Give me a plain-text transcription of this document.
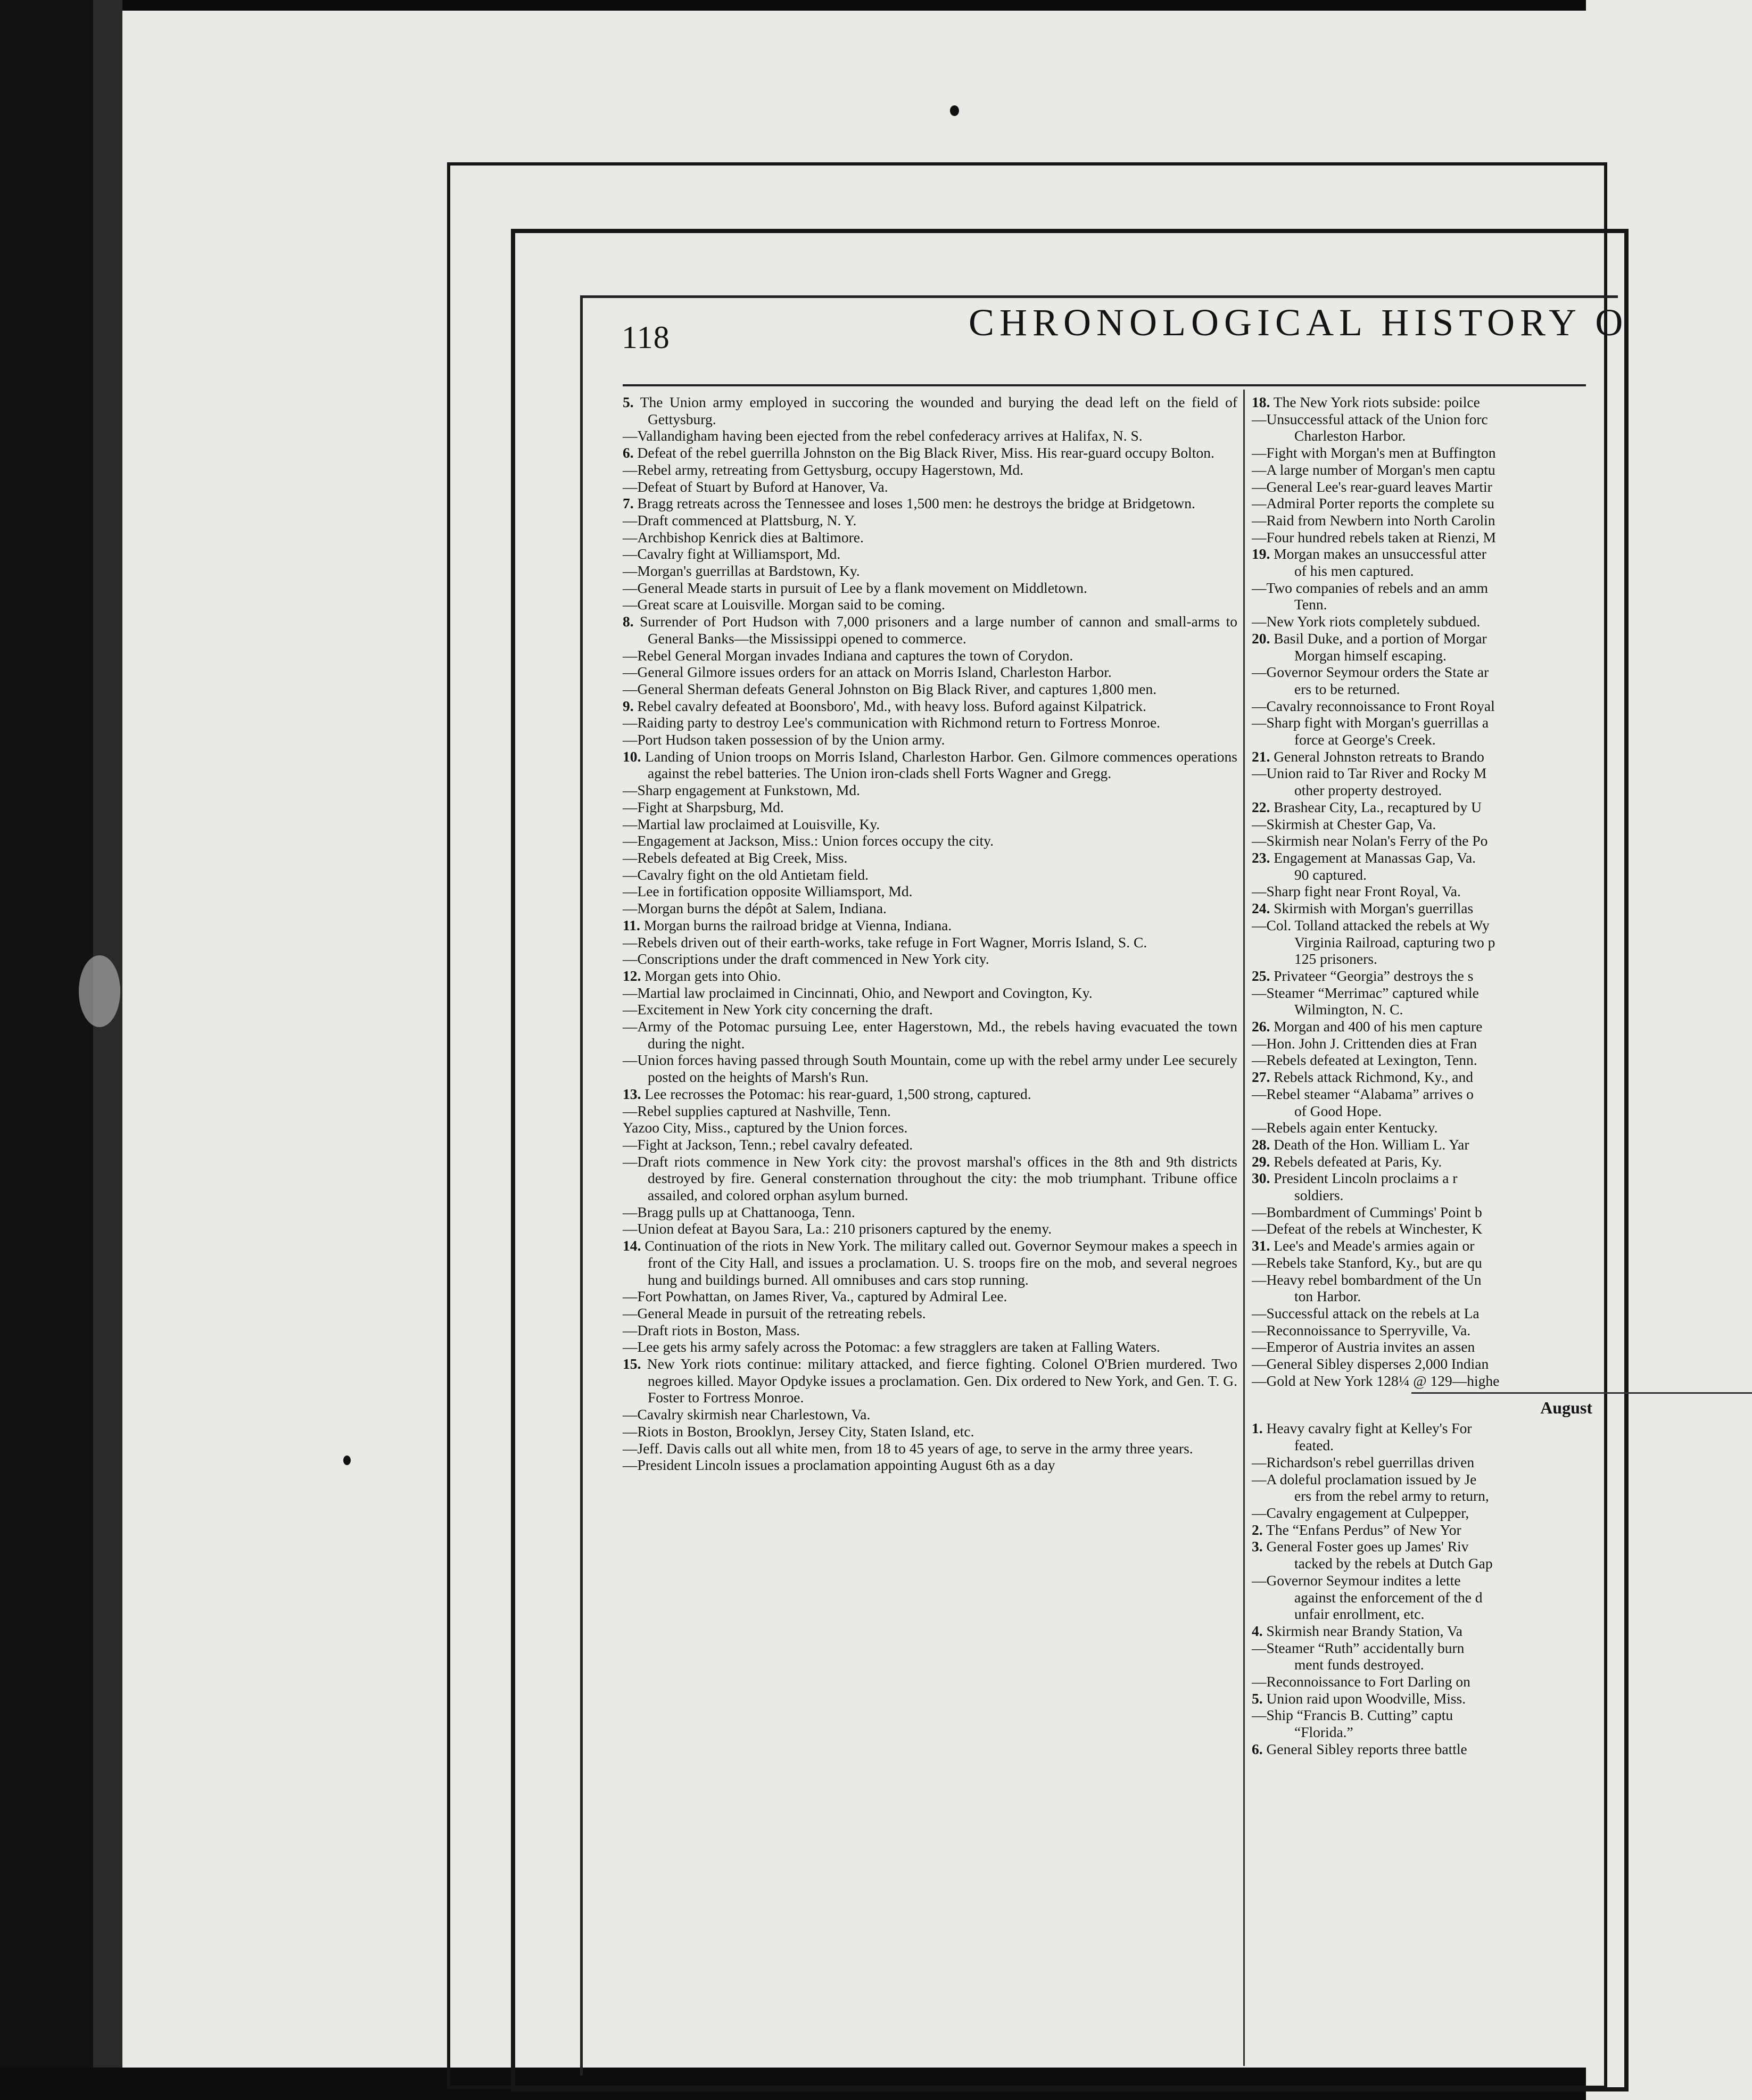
118	CHRONOLOGICAL HISTORY O
5. The Union army employed in succoring the wounded and burying the dead left on the field of Gettysburg.
—Vallandigham having been ejected from the rebel confederacy arrives at Halifax, N. S.
6. Defeat of the rebel guerrilla Johnston on the Big Black River, Miss. His rear-guard occupy Bolton.
—Rebel army, retreating from Gettysburg, occupy Hagerstown, Md.
—Defeat of Stuart by Buford at Hanover, Va.
7. Bragg retreats across the Tennessee and loses 1,500 men: he destroys the bridge at Bridgetown.
—Draft commenced at Plattsburg, N. Y.
—Archbishop Kenrick dies at Baltimore.
—Cavalry fight at Williamsport, Md.
—Morgan's guerrillas at Bardstown, Ky.
—General Meade starts in pursuit of Lee by a flank movement on Middletown.
—Great scare at Louisville. Morgan said to be coming.
8. Surrender of Port Hudson with 7,000 prisoners and a large number of cannon and small-arms to General Banks—the Mississippi opened to commerce.
—Rebel General Morgan invades Indiana and captures the town of Corydon.
—General Gilmore issues orders for an attack on Morris Island, Charleston Harbor.
—General Sherman defeats General Johnston on Big Black River, and captures 1,800 men.
9. Rebel cavalry defeated at Boonsboro', Md., with heavy loss. Buford against Kilpatrick.
—Raiding party to destroy Lee's communication with Richmond return to Fortress Monroe.
—Port Hudson taken possession of by the Union army.
10. Landing of Union troops on Morris Island, Charleston Harbor. Gen. Gilmore commences operations against the rebel batteries. The Union iron-clads shell Forts Wagner and Gregg.
—Sharp engagement at Funkstown, Md.
—Fight at Sharpsburg, Md.
—Martial law proclaimed at Louisville, Ky.
—Engagement at Jackson, Miss.: Union forces occupy the city.
—Rebels defeated at Big Creek, Miss.
—Cavalry fight on the old Antietam field.
—Lee in fortification opposite Williamsport, Md.
—Morgan burns the dépôt at Salem, Indiana.
11. Morgan burns the railroad bridge at Vienna, Indiana.
—Rebels driven out of their earth-works, take refuge in Fort Wagner, Morris Island, S. C.
—Conscriptions under the draft commenced in New York city.
12. Morgan gets into Ohio.
—Martial law proclaimed in Cincinnati, Ohio, and Newport and Covington, Ky.
—Excitement in New York city concerning the draft.
—Army of the Potomac pursuing Lee, enter Hagerstown, Md., the rebels having evacuated the town during the night.
—Union forces having passed through South Mountain, come up with the rebel army under Lee securely posted on the heights of Marsh's Run.
13. Lee recrosses the Potomac: his rear-guard, 1,500 strong, captured.
—Rebel supplies captured at Nashville, Tenn.
Yazoo City, Miss., captured by the Union forces.
—Fight at Jackson, Tenn.; rebel cavalry defeated.
—Draft riots commence in New York city: the provost marshal's offices in the 8th and 9th districts destroyed by fire. General consternation throughout the city: the mob triumphant. Tribune office assailed, and colored orphan asylum burned.
—Bragg pulls up at Chattanooga, Tenn.
—Union defeat at Bayou Sara, La.: 210 prisoners captured by the enemy.
14. Continuation of the riots in New York. The military called out. Governor Seymour makes a speech in front of the City Hall, and issues a proclamation. U. S. troops fire on the mob, and several negroes hung and buildings burned. All omnibuses and cars stop running.
—Fort Powhattan, on James River, Va., captured by Admiral Lee.
—General Meade in pursuit of the retreating rebels.
—Draft riots in Boston, Mass.
—Lee gets his army safely across the Potomac: a few stragglers are taken at Falling Waters.
15. New York riots continue: military attacked, and fierce fighting. Colonel O'Brien murdered. Two negroes killed. Mayor Opdyke issues a proclamation. Gen. Dix ordered to New York, and Gen. T. G. Foster to Fortress Monroe.
—Cavalry skirmish near Charlestown, Va.
—Riots in Boston, Brooklyn, Jersey City, Staten Island, etc.
—Jeff. Davis calls out all white men, from 18 to 45 years of age, to serve in the army three years.
—President Lincoln issues a proclamation appointing August 6th as a day
18. The New York riots subside: poilce
—Unsuccessful attack of the Union forc
Charleston Harbor.
—Fight with Morgan's men at Buffington
—A large number of Morgan's men captu
—General Lee's rear-guard leaves Martir
—Admiral Porter reports the complete su
—Raid from Newbern into North Carolin
—Four hundred rebels taken at Rienzi, M
19. Morgan makes an unsuccessful atter
of his men captured.
—Two companies of rebels and an amm
Tenn.
—New York riots completely subdued.
20. Basil Duke, and a portion of Morgar
Morgan himself escaping.
—Governor Seymour orders the State ar
ers to be returned.
—Cavalry reconnoissance to Front Royal
—Sharp fight with Morgan's guerrillas a
force at George's Creek.
21. General Johnston retreats to Brando
—Union raid to Tar River and Rocky M
other property destroyed.
22. Brashear City, La., recaptured by U
—Skirmish at Chester Gap, Va.
—Skirmish near Nolan's Ferry of the Po
23. Engagement at Manassas Gap, Va.
90 captured.
—Sharp fight near Front Royal, Va.
24. Skirmish with Morgan's guerrillas
—Col. Tolland attacked the rebels at Wy
Virginia Railroad, capturing two p
125 prisoners.
25. Privateer “Georgia” destroys the s
—Steamer “Merrimac” captured while
Wilmington, N. C.
26. Morgan and 400 of his men capture
—Hon. John J. Crittenden dies at Fran
—Rebels defeated at Lexington, Tenn.
27. Rebels attack Richmond, Ky., and
—Rebel steamer “Alabama” arrives o
of Good Hope.
—Rebels again enter Kentucky.
28. Death of the Hon. William L. Yar
29. Rebels defeated at Paris, Ky.
30. President Lincoln proclaims a r
soldiers.
—Bombardment of Cummings' Point b
—Defeat of the rebels at Winchester, K
31. Lee's and Meade's armies again or
—Rebels take Stanford, Ky., but are qu
—Heavy rebel bombardment of the Un
ton Harbor.
—Successful attack on the rebels at La
—Reconnoissance to Sperryville, Va.
—Emperor of Austria invites an assen
—General Sibley disperses 2,000 Indian
—Gold at New York 128¼ @ 129—highe
August
1. Heavy cavalry fight at Kelley's For
feated.
—Richardson's rebel guerrillas driven
—A doleful proclamation issued by Je
ers from the rebel army to return,
—Cavalry engagement at Culpepper,
2. The “Enfans Perdus” of New Yor
3. General Foster goes up James' Riv
tacked by the rebels at Dutch Gap
—Governor Seymour indites a lette
against the enforcement of the d
unfair enrollment, etc.
4. Skirmish near Brandy Station, Va
—Steamer “Ruth” accidentally burn
ment funds destroyed.
—Reconnoissance to Fort Darling on
5. Union raid upon Woodville, Miss.
—Ship “Francis B. Cutting” captu
“Florida.”
6. General Sibley reports three battle
